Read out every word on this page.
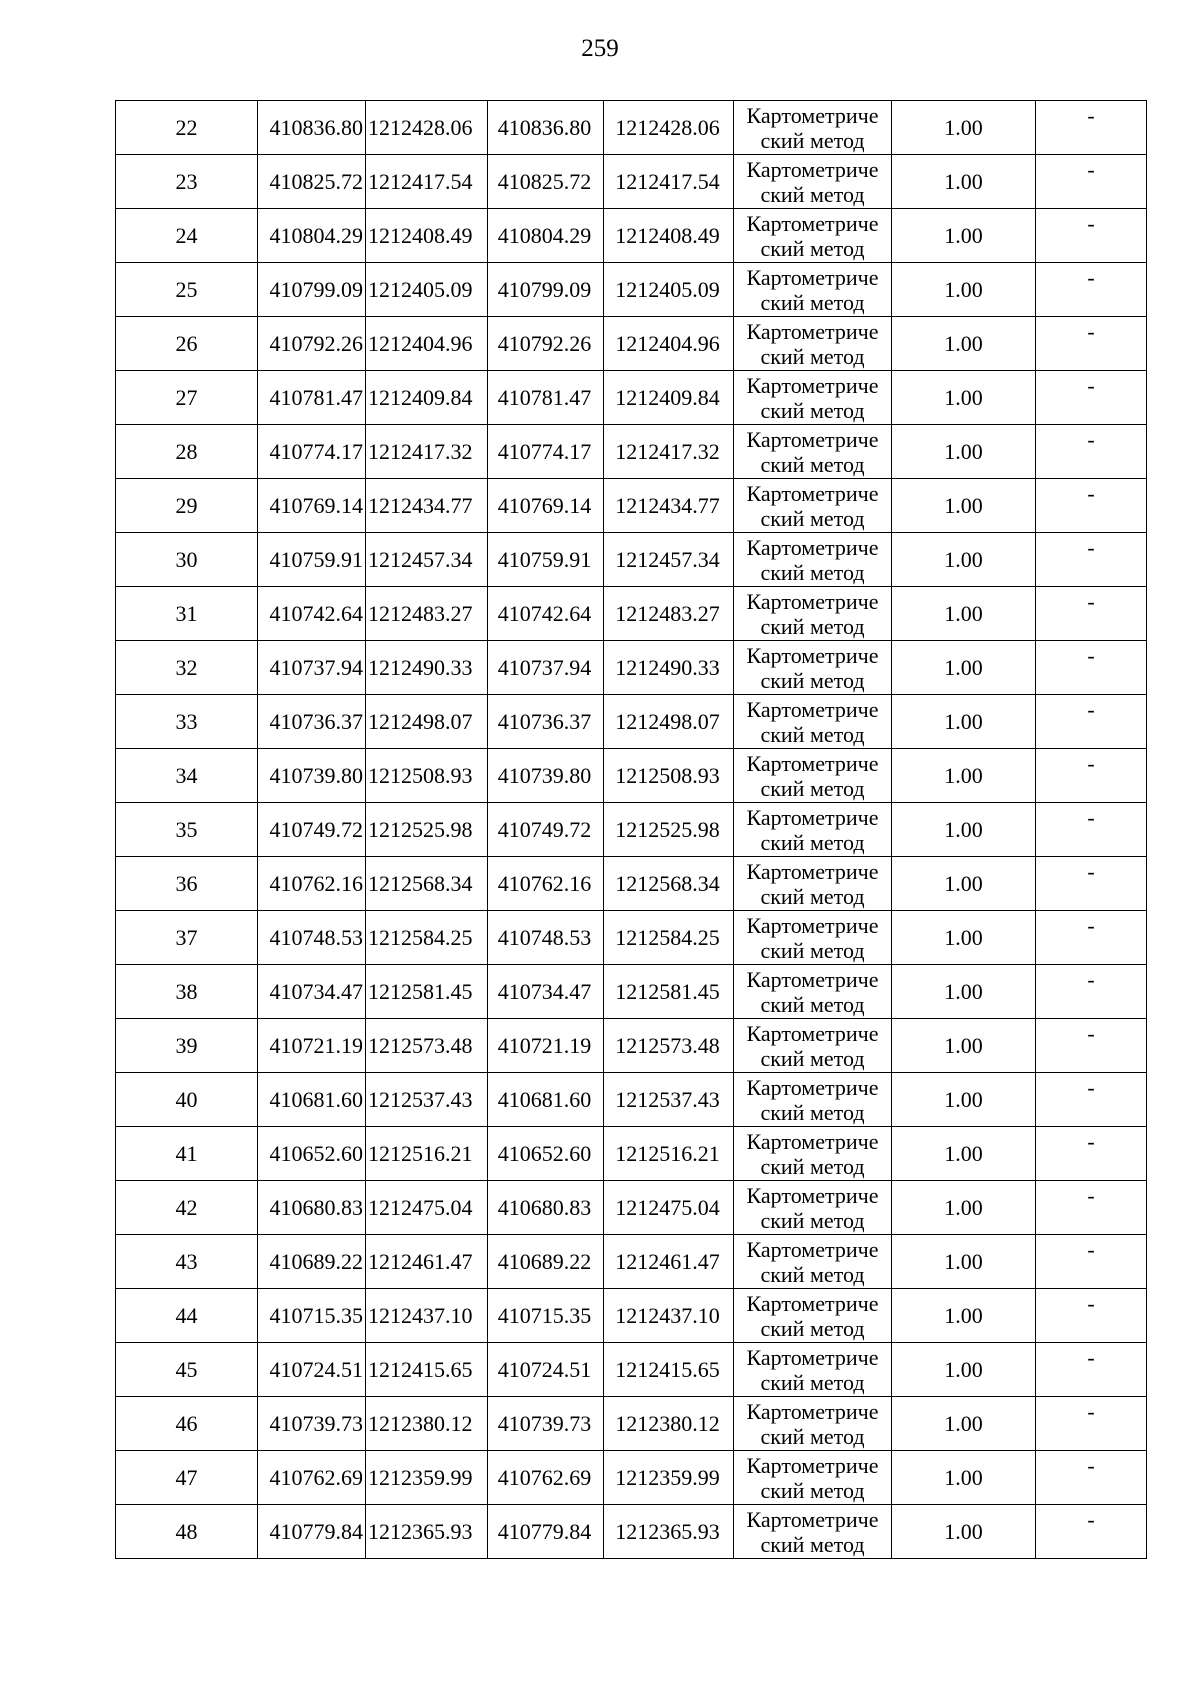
259
22	410836.80	1212428.06	410836.80	1212428.06	Картометриче
ский метод	1.00	-
23	410825.72	1212417.54	410825.72	1212417.54	Картометриче
ский метод	1.00	-
24	410804.29	1212408.49	410804.29	1212408.49	Картометриче
ский метод	1.00	-
25	410799.09	1212405.09	410799.09	1212405.09	Картометриче
ский метод	1.00	-
26	410792.26	1212404.96	410792.26	1212404.96	Картометриче
ский метод	1.00	-
27	410781.47	1212409.84	410781.47	1212409.84	Картометриче
ский метод	1.00	-
28	410774.17	1212417.32	410774.17	1212417.32	Картометриче
ский метод	1.00	-
29	410769.14	1212434.77	410769.14	1212434.77	Картометриче
ский метод	1.00	-
30	410759.91	1212457.34	410759.91	1212457.34	Картометриче
ский метод	1.00	-
31	410742.64	1212483.27	410742.64	1212483.27	Картометриче
ский метод	1.00	-
32	410737.94	1212490.33	410737.94	1212490.33	Картометриче
ский метод	1.00	-
33	410736.37	1212498.07	410736.37	1212498.07	Картометриче
ский метод	1.00	-
34	410739.80	1212508.93	410739.80	1212508.93	Картометриче
ский метод	1.00	-
35	410749.72	1212525.98	410749.72	1212525.98	Картометриче
ский метод	1.00	-
36	410762.16	1212568.34	410762.16	1212568.34	Картометриче
ский метод	1.00	-
37	410748.53	1212584.25	410748.53	1212584.25	Картометриче
ский метод	1.00	-
38	410734.47	1212581.45	410734.47	1212581.45	Картометриче
ский метод	1.00	-
39	410721.19	1212573.48	410721.19	1212573.48	Картометриче
ский метод	1.00	-
40	410681.60	1212537.43	410681.60	1212537.43	Картометриче
ский метод	1.00	-
41	410652.60	1212516.21	410652.60	1212516.21	Картометриче
ский метод	1.00	-
42	410680.83	1212475.04	410680.83	1212475.04	Картометриче
ский метод	1.00	-
43	410689.22	1212461.47	410689.22	1212461.47	Картометриче
ский метод	1.00	-
44	410715.35	1212437.10	410715.35	1212437.10	Картометриче
ский метод	1.00	-
45	410724.51	1212415.65	410724.51	1212415.65	Картометриче
ский метод	1.00	-
46	410739.73	1212380.12	410739.73	1212380.12	Картометриче
ский метод	1.00	-
47	410762.69	1212359.99	410762.69	1212359.99	Картометриче
ский метод	1.00	-
48	410779.84	1212365.93	410779.84	1212365.93	Картометриче
ский метод	1.00	-
